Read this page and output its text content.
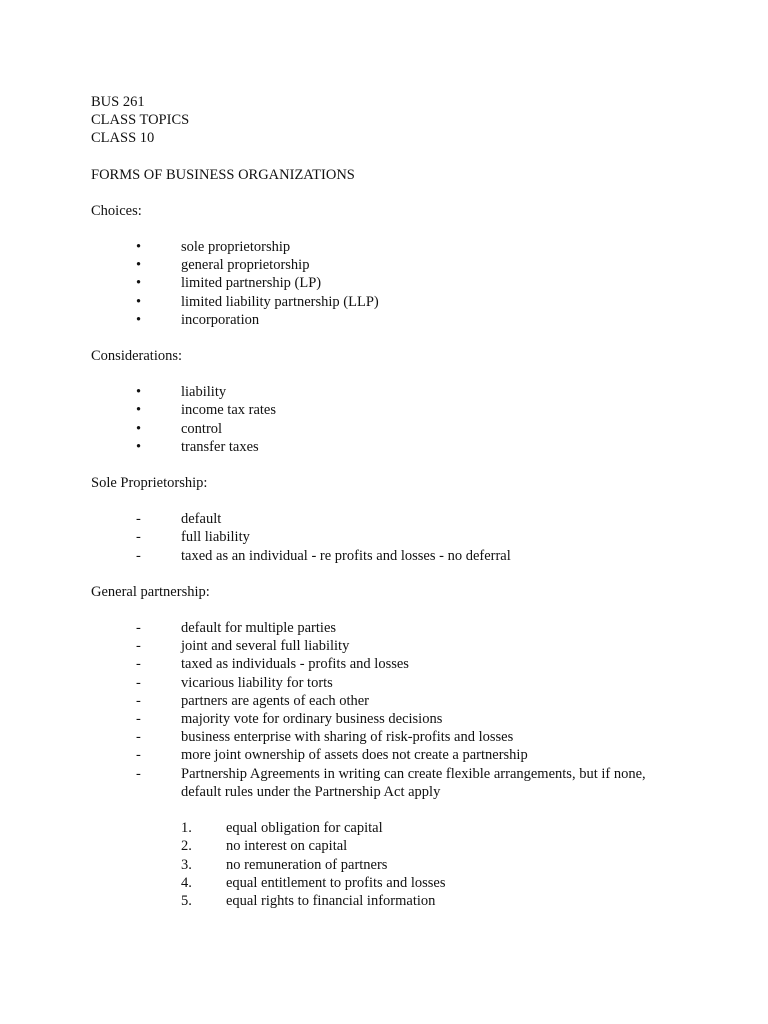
BUS 261
CLASS TOPICS
CLASS 10
FORMS OF BUSINESS ORGANIZATIONS
Choices:
•	sole proprietorship
•	general proprietorship
•	limited partnership (LP)
•	limited liability partnership (LLP)
•	incorporation
Considerations:
•	liability
•	income tax rates
•	control
•	transfer taxes
Sole Proprietorship:
-	default
-	full liability
-	taxed as an individual - re profits and losses - no deferral
General partnership:
-	default for multiple parties
-	joint and several full liability
-	taxed as individuals - profits and losses
-	vicarious liability for torts
-	partners are agents of each other
-	majority vote for ordinary business decisions
-	business enterprise with sharing of risk-profits and losses
-	more joint ownership of assets does not create a partnership
-	Partnership Agreements in writing can create flexible arrangements, but if none, default rules under the Partnership Act apply
1.	equal obligation for capital
2.	no interest on capital
3.	no remuneration of partners
4.	equal entitlement to profits and losses
5.	equal rights to financial information
